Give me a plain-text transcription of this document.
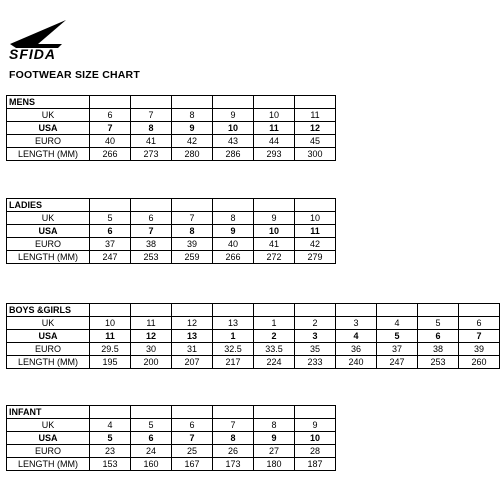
SFIDA
FOOTWEAR SIZE CHART
MENS						
UK	6	7	8	9	10	11
USA	7	8	9	10	11	12
EURO	40	41	42	43	44	45
LENGTH (MM)	266	273	280	286	293	300
LADIES						
UK	5	6	7	8	9	10
USA	6	7	8	9	10	11
EURO	37	38	39	40	41	42
LENGTH (MM)	247	253	259	266	272	279
BOYS &GIRLS										
UK	10	11	12	13	1	2	3	4	5	6
USA	11	12	13	1	2	3	4	5	6	7
EURO	29.5	30	31	32.5	33.5	35	36	37	38	39
LENGTH (MM)	195	200	207	217	224	233	240	247	253	260
INFANT						
UK	4	5	6	7	8	9
USA	5	6	7	8	9	10
EURO	23	24	25	26	27	28
LENGTH (MM)	153	160	167	173	180	187
